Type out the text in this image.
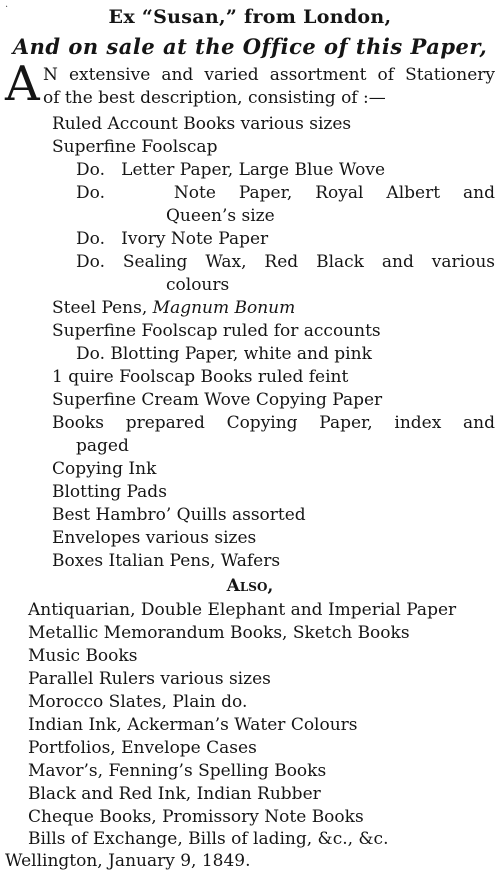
·	Ex “Susan,” from London,
And on sale at the Office of this Paper,
A N extensive and varied assortment of Stationery
of the best description, consisting of :—
Ruled Account Books various sizes
Superfine Foolscap
Do.   Letter Paper, Large Blue Wove
Do.   Note Paper, Royal Albert and
Queen’s size
Do.   Ivory Note Paper
Do. Sealing Wax, Red Black and various
colours
Steel Pens, Magnum Bonum
Superfine Foolscap ruled for accounts
Do. Blotting Paper, white and pink
1 quire Foolscap Books ruled feint
Superfine Cream Wove Copying Paper
Books prepared Copying Paper, index and
paged
Copying Ink
Blotting Pads
Best Hambro’ Quills assorted
Envelopes various sizes
Boxes Italian Pens, Wafers
Also,
Antiquarian, Double Elephant and Imperial Paper
Metallic Memorandum Books, Sketch Books
Music Books
Parallel Rulers various sizes
Morocco Slates, Plain do.
Indian Ink, Ackerman’s Water Colours
Portfolios, Envelope Cases
Mavor’s, Fenning’s Spelling Books
Black and Red Ink, Indian Rubber
Cheque Books, Promissory Note Books
Bills of Exchange, Bills of lading, &c., &c.
Wellington, January 9, 1849.
